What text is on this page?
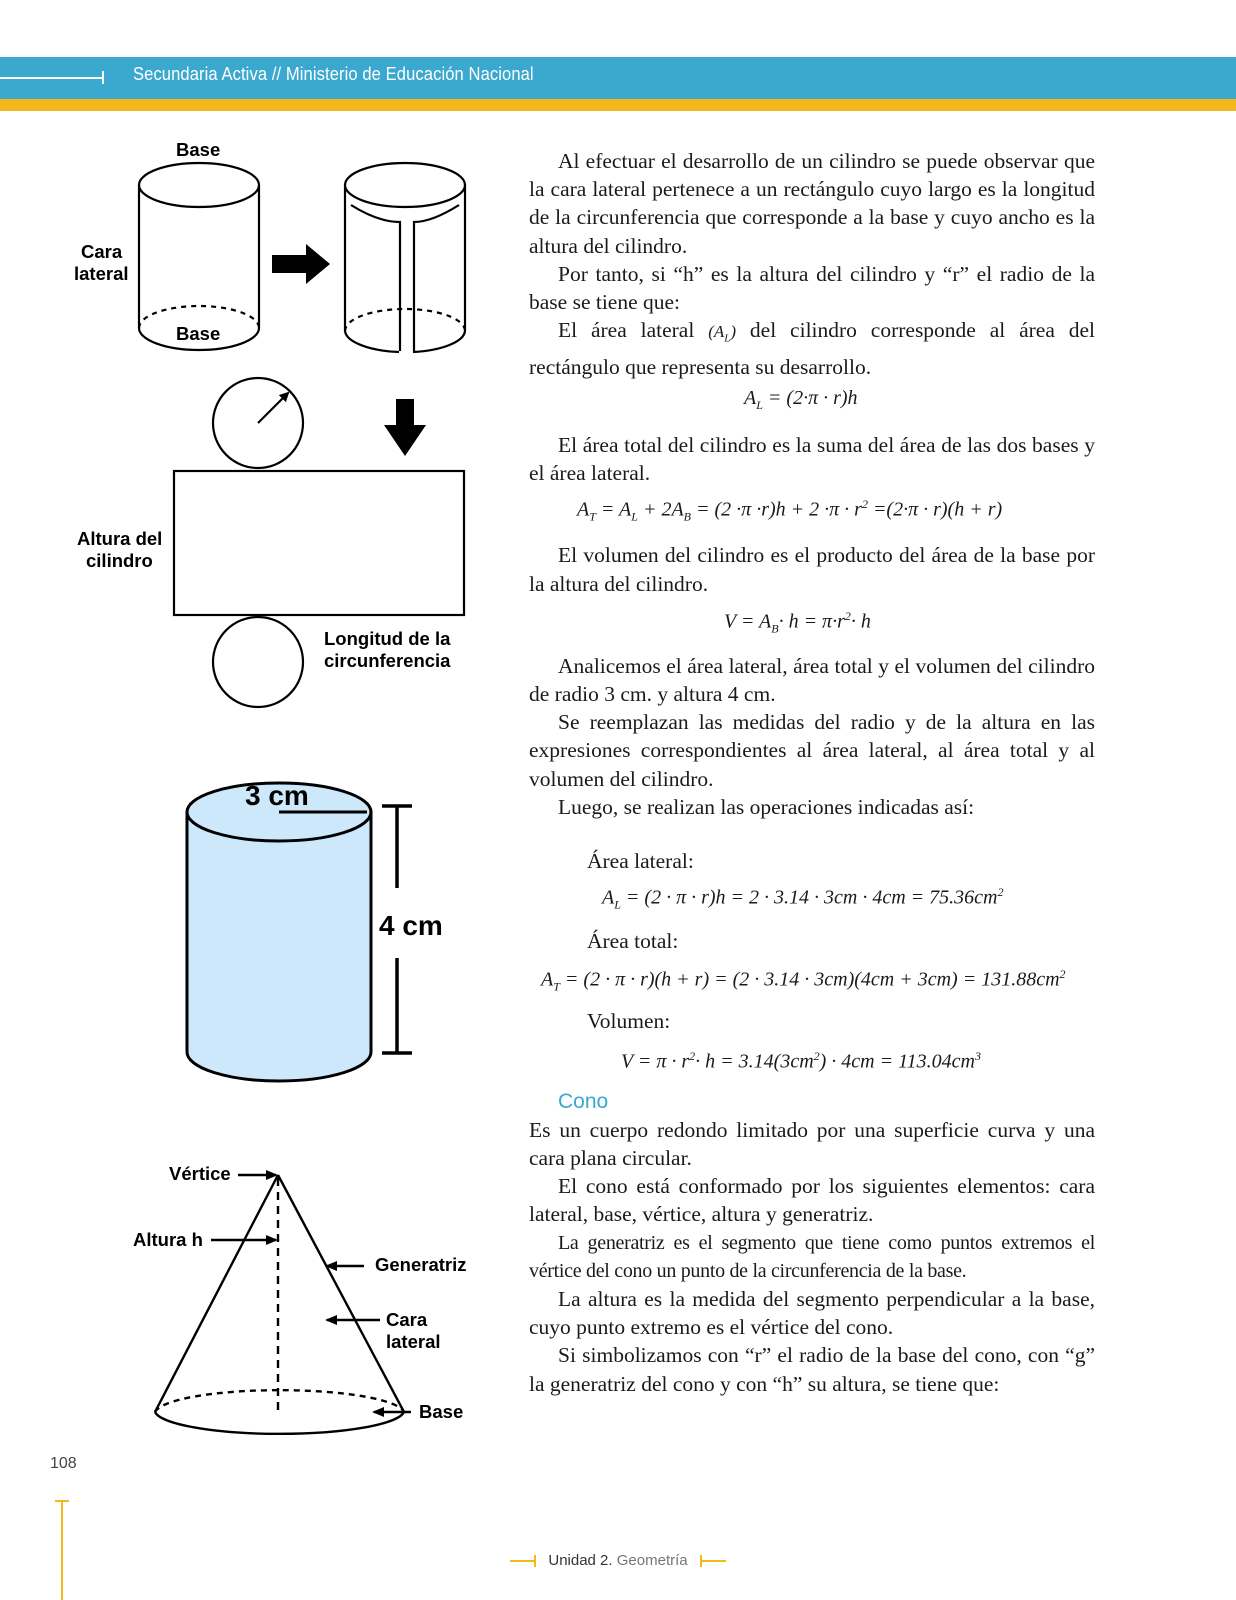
Secundaria Activa // Ministerio de Educación Nacional
Base
Cara
lateral
Base
Altura del
cilindro
Longitud de la
circunferencia
3 cm
4 cm
Vértice
Altura h
Generatriz
Cara
lateral
Base

Al efectuar el desarrollo de un cilindro se puede observar que la cara lateral pertenece a un rectángulo cuyo largo es la longitud de la circunferencia que corresponde a la base y cuyo ancho es la altura del cilindro.

Por tanto, si “h” es la altura del cilindro y “r” el radio de la base se tiene que:

El área lateral $(A_L)$ del cilindro corresponde al área del rectángulo que representa su desarrollo.

$A_L = (2\cdot\pi \cdot r)h$

El área total del cilindro es la suma del área de las dos bases y el área lateral.

$A_T = A_L + 2A_B = (2 \cdot\pi \cdot r)h + 2 \cdot\pi \cdot r^2 =(2\cdot\pi \cdot r)(h + r)$

El volumen del cilindro es el producto del área de la base por la altura del cilindro.

$V = A_B\cdot h = \pi\cdot r^2\cdot h$

Analicemos el área lateral, área total y el volumen del cilindro de radio 3 cm. y altura 4 cm.

Se reemplazan las medidas del radio y de la altura en las expresiones correspondientes al área lateral, al área total y al volumen del cilindro.

Luego, se realizan las operaciones indicadas así:

Área lateral:

$A_L = (2 \cdot \pi \cdot r)h = 2 \cdot 3.14 \cdot 3cm \cdot 4cm = 75.36cm^2$

Área total:

$A_T = (2 \cdot \pi \cdot r)(h + r) = (2 \cdot 3.14 \cdot 3cm)(4cm + 3cm) = 131.88cm^2$

Volumen:

$V = \pi \cdot r^2\cdot h = 3.14(3cm^2) \cdot 4cm = 113.04cm^3$

Cono

Es un cuerpo redondo limitado por una superficie curva y una cara plana circular.

El cono está conformado por los siguientes elementos: cara lateral, base, vértice, altura y generatriz.

La generatriz es el segmento que tiene como puntos extremos el vértice del cono un punto de la circunferencia de la base.

La altura es la medida del segmento perpendicular a la base, cuyo punto extremo es el vértice del cono.

Si simbolizamos con “r” el radio de la base del cono, con “g” la generatriz del cono y con “h” su altura, se tiene que:

108
Unidad 2. Geometría
